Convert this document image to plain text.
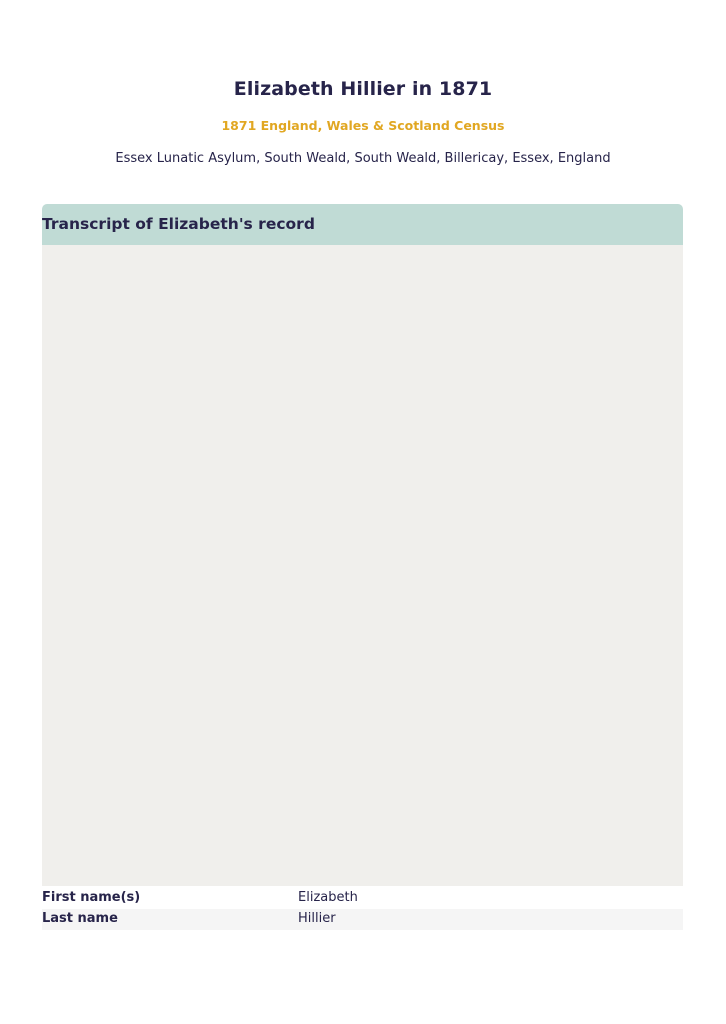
Elizabeth Hillier in 1871
1871 England, Wales & Scotland Census
Essex Lunatic Asylum, South Weald, South Weald, Billericay, Essex, England
Transcript of Elizabeth's record
First name(s)	Elizabeth
Last name	Hillier
